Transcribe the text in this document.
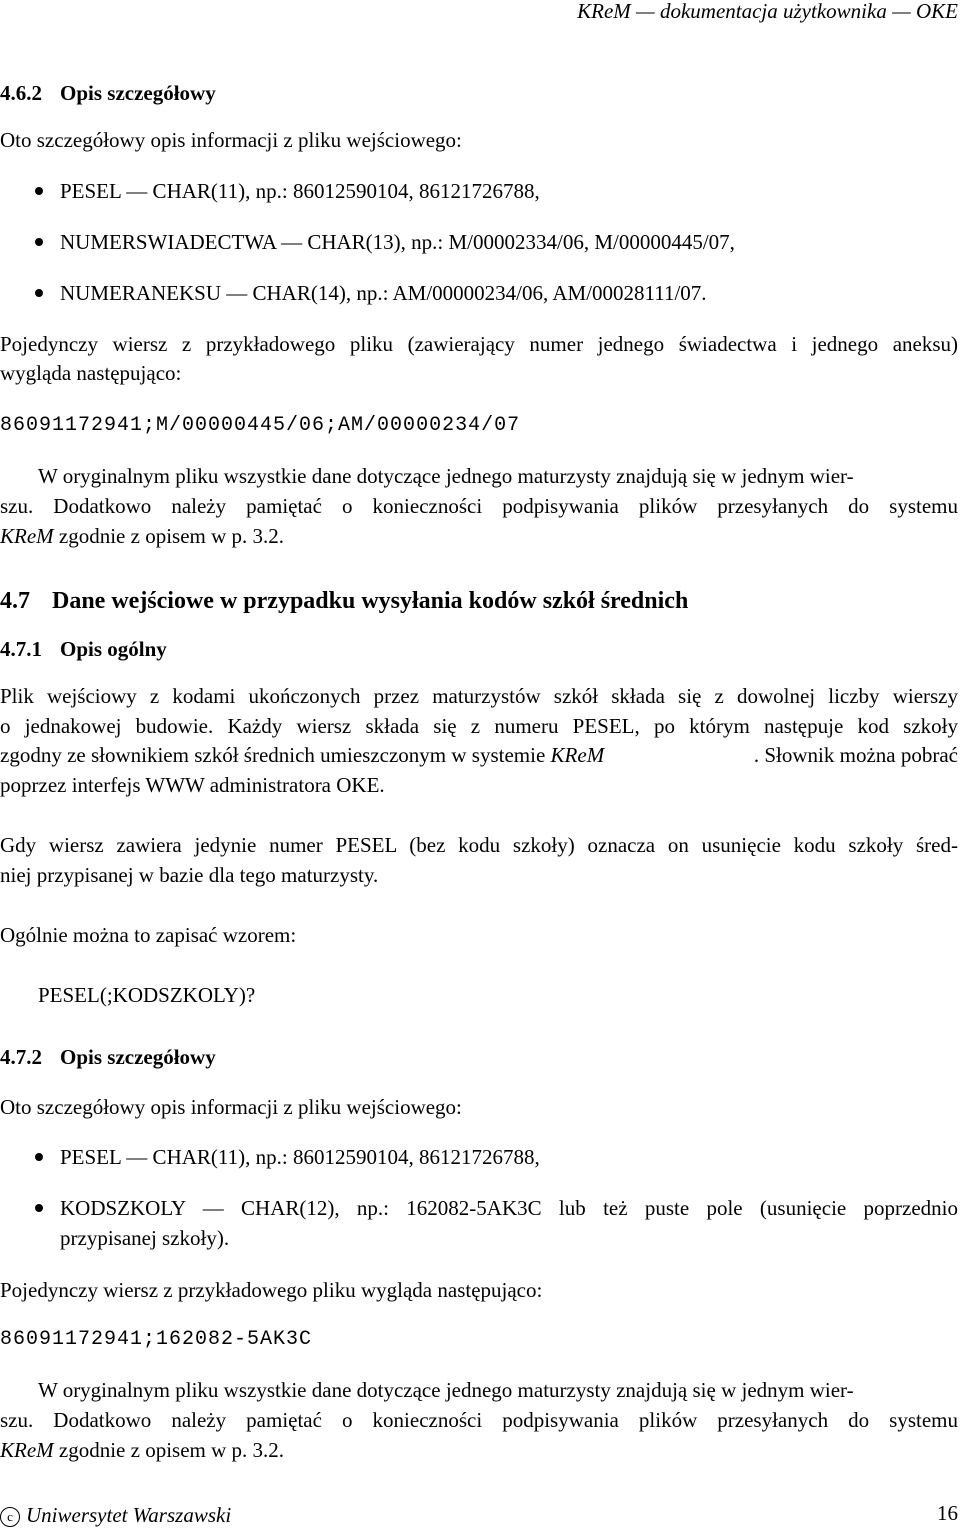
KReM — dokumentacja użytkownika — OKE
4.6.2 Opis szczegółowy
Oto szczegółowy opis informacji z pliku wejściowego:
PESEL — CHAR(11), np.: 86012590104, 86121726788,
NUMERSWIADECTWA — CHAR(13), np.: M/00002334/06, M/00000445/07,
NUMERANEKSU — CHAR(14), np.: AM/00000234/06, AM/00028111/07.
Pojedynczy wiersz z przykładowego pliku (zawierający numer jednego świadectwa i jednego aneksu)
wygląda następująco:
86091172941;M/00000445/06;AM/00000234/07
W oryginalnym pliku wszystkie dane dotyczące jednego maturzysty znajdują się w jednym wier-
szu. Dodatkowo należy pamiętać o konieczności podpisywania plików przesyłanych do systemu
KReM zgodnie z opisem w p. 3.2.
4.7 Dane wejściowe w przypadku wysyłania kodów szkół średnich
4.7.1 Opis ogólny
Plik wejściowy z kodami ukończonych przez maturzystów szkół składa się z dowolnej liczby wierszy
o jednakowej budowie. Każdy wiersz składa się z numeru PESEL, po którym następuje kod szkoły
zgodny ze słownikiem szkół średnich umieszczonym w systemie KReM	. Słownik można pobrać
poprzez interfejs WWW administratora OKE.
Gdy wiersz zawiera jedynie numer PESEL (bez kodu szkoły) oznacza on usunięcie kodu szkoły śred-
niej przypisanej w bazie dla tego maturzysty.
Ogólnie można to zapisać wzorem:
PESEL(;KODSZKOLY)?
4.7.2 Opis szczegółowy
Oto szczegółowy opis informacji z pliku wejściowego:
PESEL — CHAR(11), np.: 86012590104, 86121726788,
KODSZKOLY — CHAR(12), np.: 162082-5AK3C lub też puste pole (usunięcie poprzednio
przypisanej szkoły).
Pojedynczy wiersz z przykładowego pliku wygląda następująco:
86091172941;162082-5AK3C
W oryginalnym pliku wszystkie dane dotyczące jednego maturzysty znajdują się w jednym wier-
szu. Dodatkowo należy pamiętać o konieczności podpisywania plików przesyłanych do systemu
KReM zgodnie z opisem w p. 3.2.
c Uniwersytet Warszawski	16
